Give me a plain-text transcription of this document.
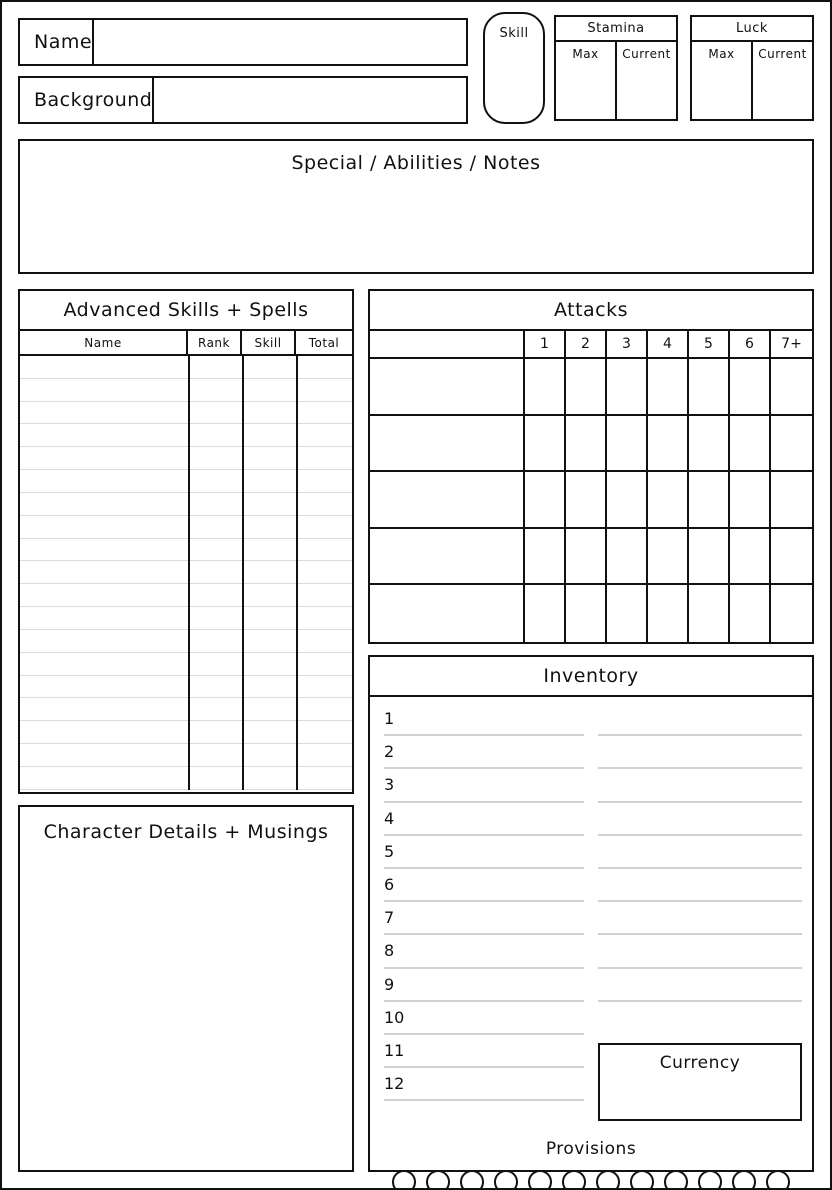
Name
Background
Skill	Stamina
Max Current
Luck
Max Current
Special / Abilities / Notes
Advanced Skills + Spells
Name	Rank	Skill	Total
Character Details + Musings
Attacks
1	2	3	4	5	6	7+
Inventory
1
2
3
4
5
6
7
8
9
10
11
12
Currency
Provisions
